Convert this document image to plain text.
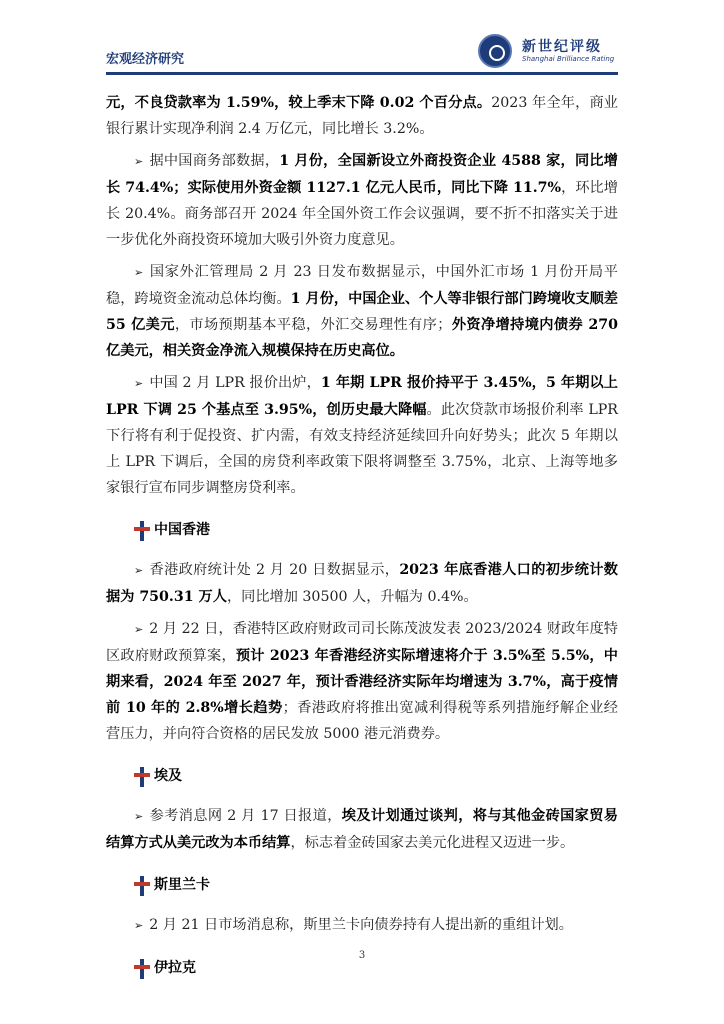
宏观经济研究
新世纪评级
Shanghai Brilliance Rating

元，不良贷款率为 1.59%，较上季末下降 0.02 个百分点。2023 年全年，商业银行累计实现净利润 2.4 万亿元，同比增长 3.2%。

➢ 据中国商务部数据，1 月份，全国新设立外商投资企业 4588 家，同比增长 74.4%；实际使用外资金额 1127.1 亿元人民币，同比下降 11.7%，环比增长 20.4%。商务部召开 2024 年全国外资工作会议强调，要不折不扣落实关于进一步优化外商投资环境加大吸引外资力度意见。

➢ 国家外汇管理局 2 月 23 日发布数据显示，中国外汇市场 1 月份开局平稳，跨境资金流动总体均衡。1 月份，中国企业、个人等非银行部门跨境收支顺差 55 亿美元，市场预期基本平稳，外汇交易理性有序；外资净增持境内债券 270 亿美元，相关资金净流入规模保持在历史高位。

➢ 中国 2 月 LPR 报价出炉，1 年期 LPR 报价持平于 3.45%，5 年期以上 LPR 下调 25 个基点至 3.95%，创历史最大降幅。此次贷款市场报价利率 LPR 下行将有利于促投资、扩内需，有效支持经济延续回升向好势头；此次 5 年期以上 LPR 下调后，全国的房贷利率政策下限将调整至 3.75%，北京、上海等地多家银行宣布同步调整房贷利率。

中国香港

➢ 香港政府统计处 2 月 20 日数据显示，2023 年底香港人口的初步统计数据为 750.31 万人，同比增加 30500 人，升幅为 0.4%。

➢ 2 月 22 日，香港特区政府财政司司长陈茂波发表 2023/2024 财政年度特区政府财政预算案，预计 2023 年香港经济实际增速将介于 3.5%至 5.5%，中期来看，2024 年至 2027 年，预计香港经济实际年均增速为 3.7%，高于疫情前 10 年的 2.8%增长趋势；香港政府将推出宽减利得税等系列措施纾解企业经营压力，并向符合资格的居民发放 5000 港元消费券。

埃及

➢ 参考消息网 2 月 17 日报道，埃及计划通过谈判，将与其他金砖国家贸易结算方式从美元改为本币结算，标志着金砖国家去美元化进程又迈进一步。

斯里兰卡

➢ 2 月 21 日市场消息称，斯里兰卡向债券持有人提出新的重组计划。

伊拉克
3
